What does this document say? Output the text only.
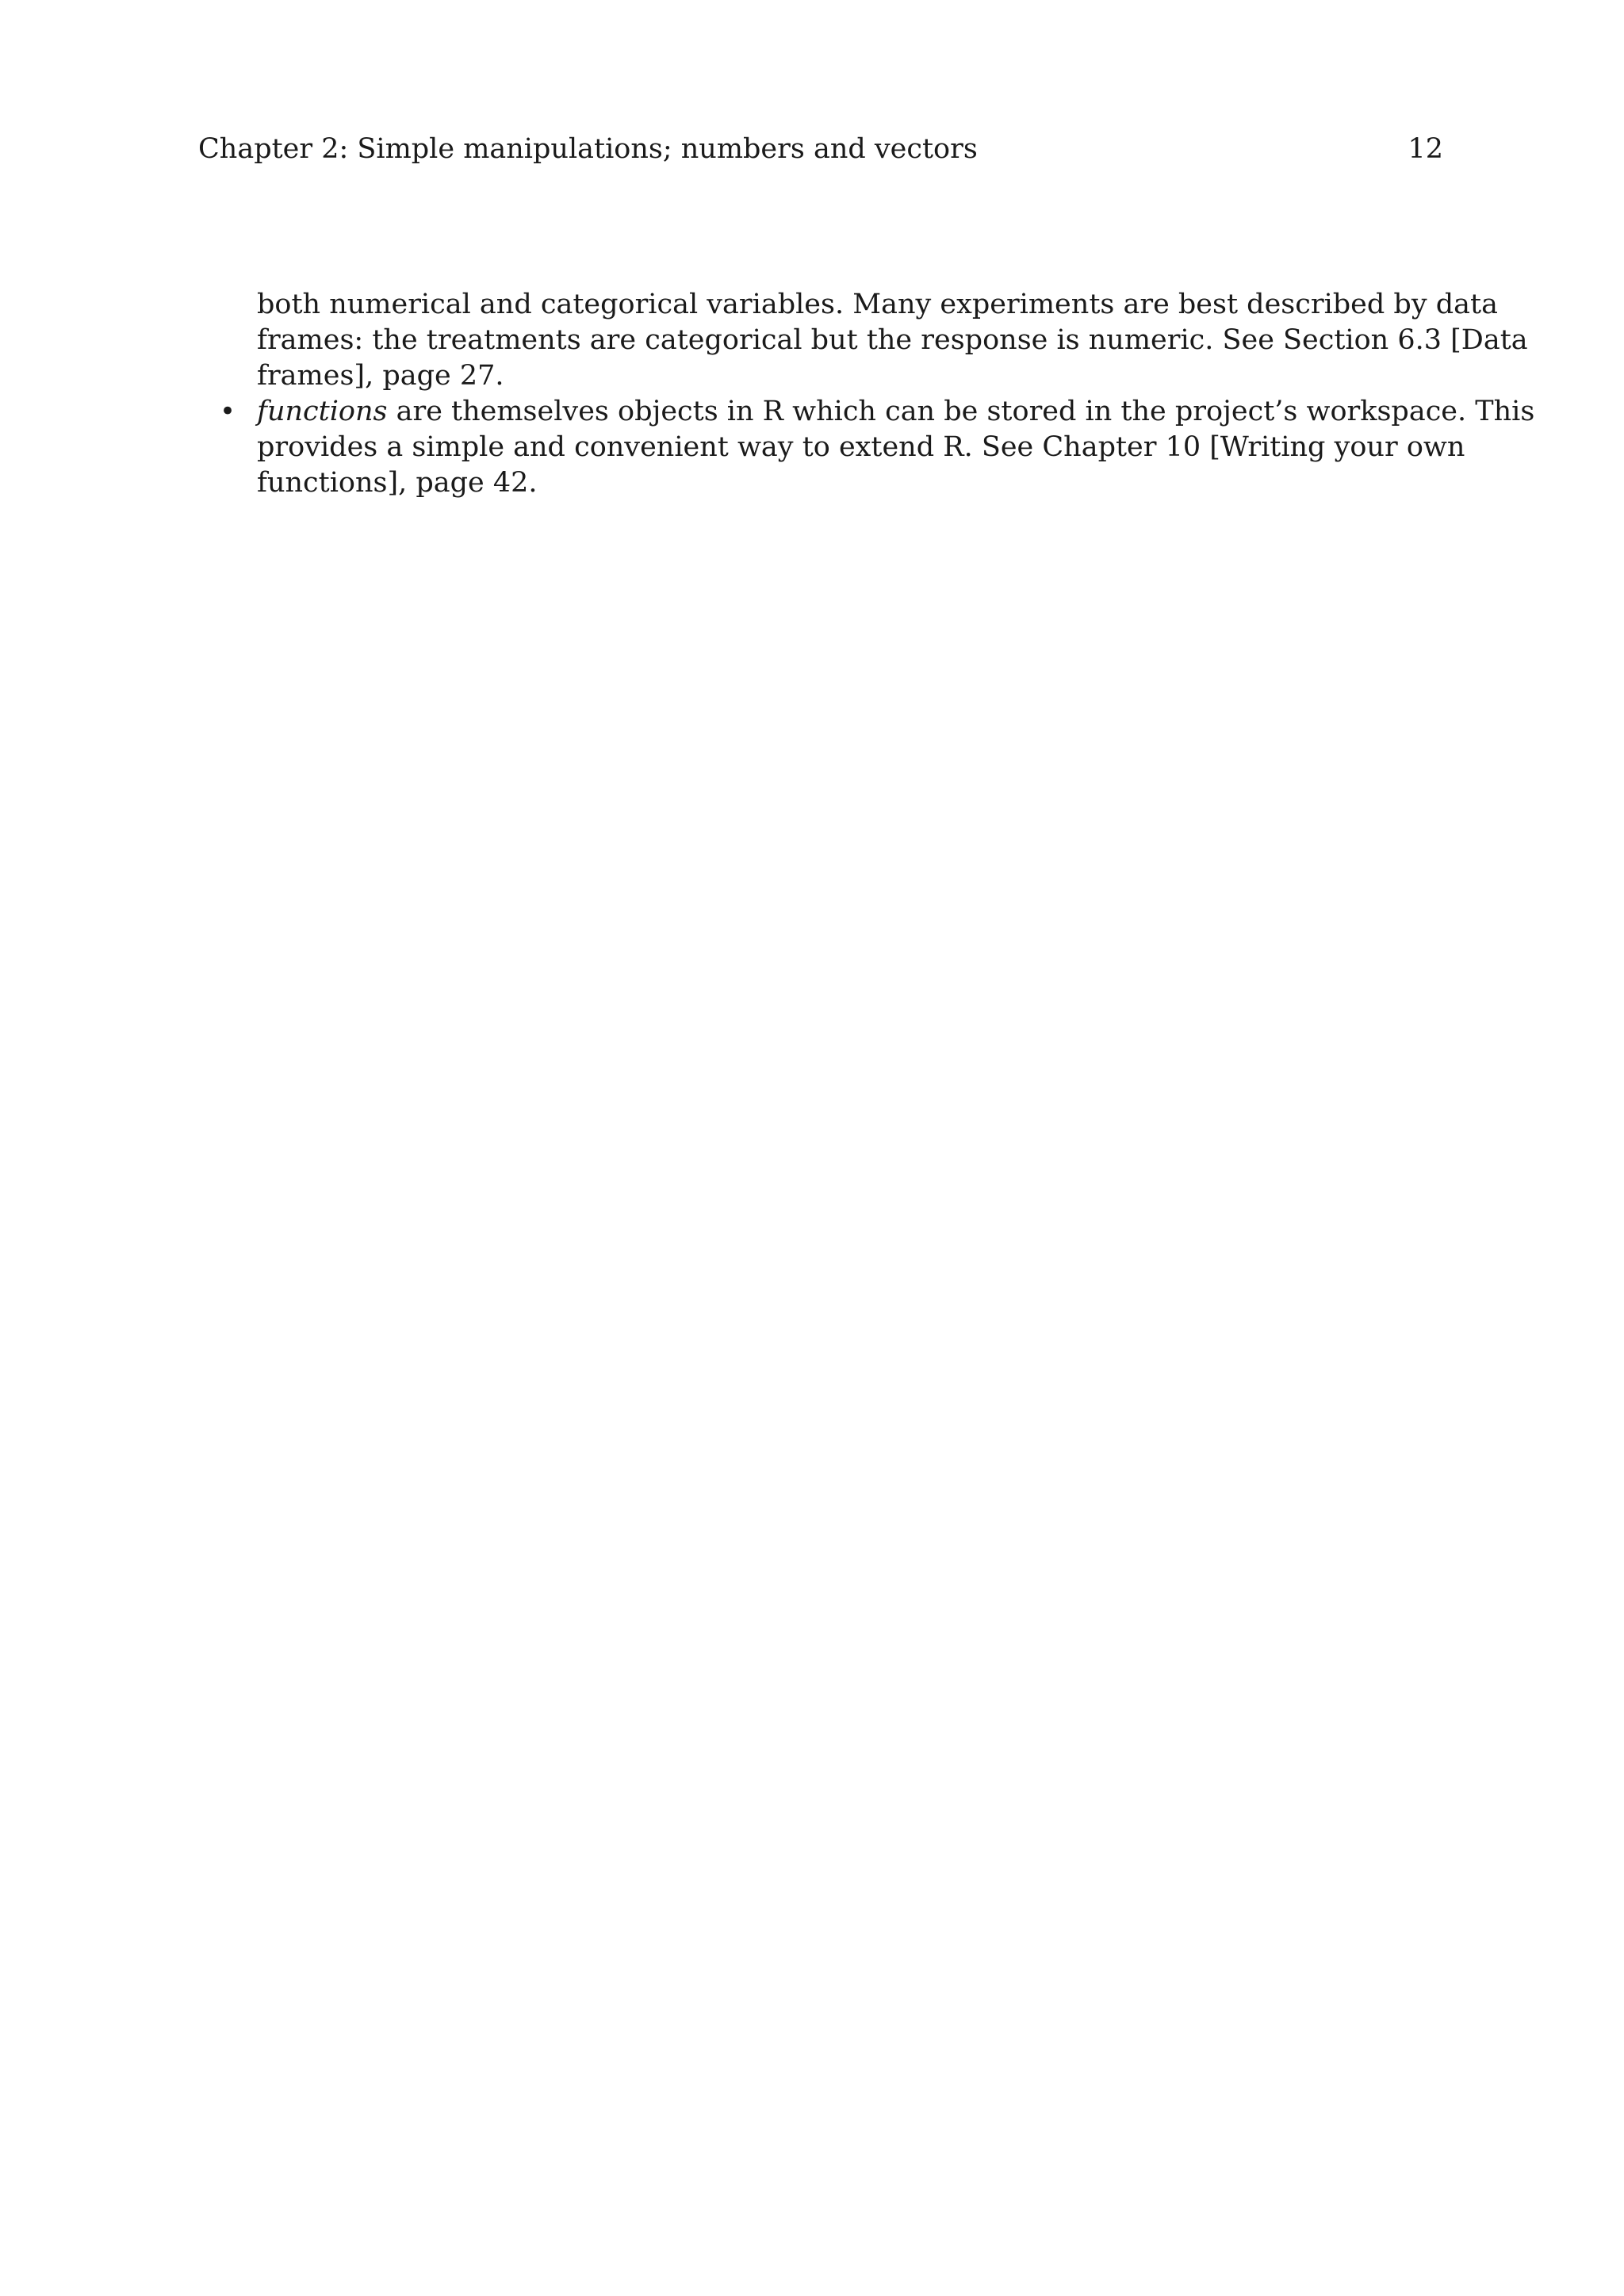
Chapter 2: Simple manipulations; numbers and vectors	12
both numerical and categorical variables. Many experiments are best described by data
frames: the treatments are categorical but the response is numeric. See Section 6.3 [Data
frames], page 27.
• functions are themselves objects in R which can be stored in the project’s workspace. This
provides a simple and convenient way to extend R. See Chapter 10 [Writing your own
functions], page 42.
